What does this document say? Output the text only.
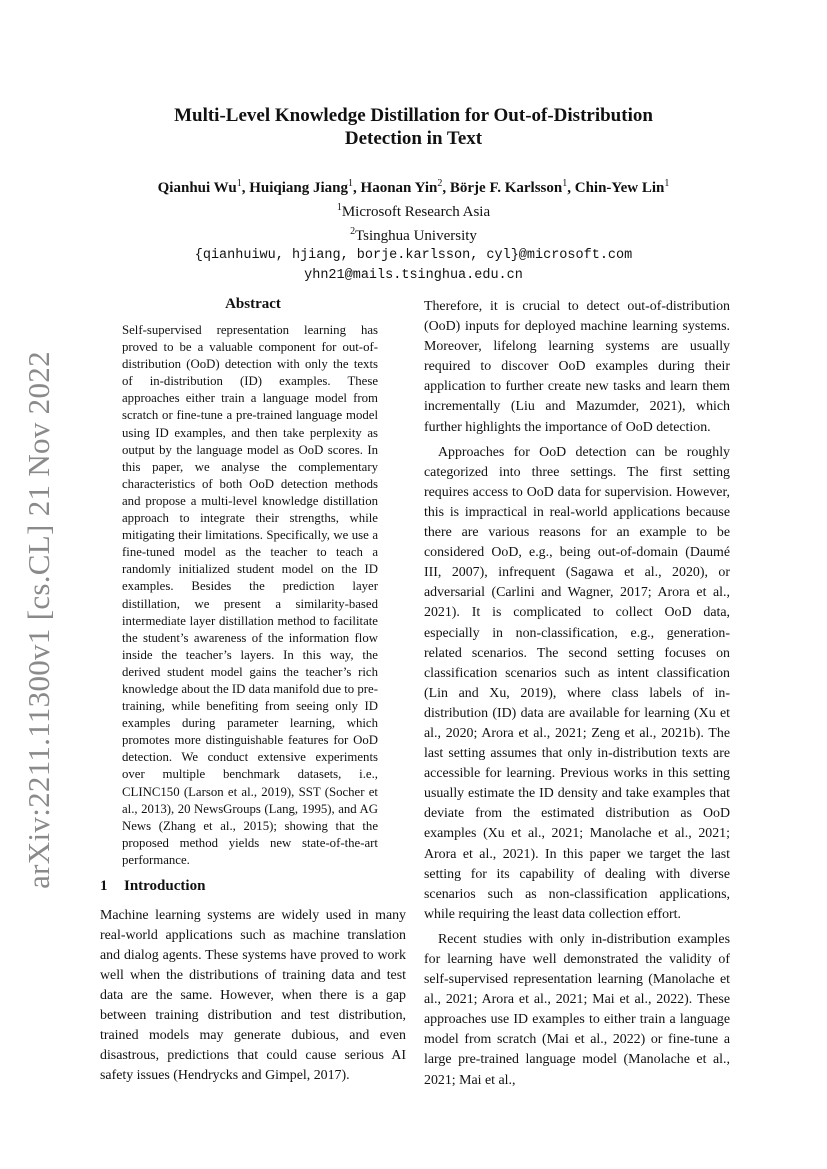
arXiv:2211.11300v1 [cs.CL] 21 Nov 2022
Multi-Level Knowledge Distillation for Out-of-Distribution
Detection in Text
Qianhui Wu$^1$, Huiqiang Jiang$^1$, Haonan Yin$^2$, Börje F. Karlsson$^1$, Chin-Yew Lin$^1$
$^1$Microsoft Research Asia
$^2$Tsinghua University
{qianhuiwu, hjiang, borje.karlsson, cyl}@microsoft.com
yhn21@mails.tsinghua.edu.cn
Abstract
Self-supervised representation learning has proved to be a valuable component for out-of-distribution (OoD) detection with only the texts of in-distribution (ID) examples. These approaches either train a language model from scratch or fine-tune a pre-trained language model using ID examples, and then take perplexity as output by the language model as OoD scores. In this paper, we analyse the complementary characteristics of both OoD detection methods and propose a multi-level knowledge distillation approach to integrate their strengths, while mitigating their limitations. Specifically, we use a fine-tuned model as the teacher to teach a randomly initialized student model on the ID examples. Besides the prediction layer distillation, we present a similarity-based intermediate layer distillation method to facilitate the student’s awareness of the information flow inside the teacher’s layers. In this way, the derived student model gains the teacher’s rich knowledge about the ID data manifold due to pre-training, while benefiting from seeing only ID examples during parameter learning, which promotes more distinguishable features for OoD detection. We conduct extensive experiments over multiple benchmark datasets, i.e., CLINC150 (Larson et al., 2019), SST (Socher et al., 2013), 20 NewsGroups (Lang, 1995), and AG News (Zhang et al., 2015); showing that the proposed method yields new state-of-the-art performance.
1 Introduction

Machine learning systems are widely used in many real-world applications such as machine translation and dialog agents. These systems have proved to work well when the distributions of training data and test data are the same. However, when there is a gap between training distribution and test distribution, trained models may generate dubious, and even disastrous, predictions that could cause serious AI safety issues (Hendrycks and Gimpel, 2017).

Therefore, it is crucial to detect out-of-distribution (OoD) inputs for deployed machine learning systems. Moreover, lifelong learning systems are usually required to discover OoD examples during their application to further create new tasks and learn them incrementally (Liu and Mazumder, 2021), which further highlights the importance of OoD detection.

Approaches for OoD detection can be roughly categorized into three settings. The first setting requires access to OoD data for supervision. However, this is impractical in real-world applications because there are various reasons for an example to be considered OoD, e.g., being out-of-domain (Daumé III, 2007), infrequent (Sagawa et al., 2020), or adversarial (Carlini and Wagner, 2017; Arora et al., 2021). It is complicated to collect OoD data, especially in non-classification, e.g., generation-related scenarios. The second setting focuses on classification scenarios such as intent classification (Lin and Xu, 2019), where class labels of in-distribution (ID) data are available for learning (Xu et al., 2020; Arora et al., 2021; Zeng et al., 2021b). The last setting assumes that only in-distribution texts are accessible for learning. Previous works in this setting usually estimate the ID density and take examples that deviate from the estimated distribution as OoD examples (Xu et al., 2021; Manolache et al., 2021; Arora et al., 2021). In this paper we target the last setting for its capability of dealing with diverse scenarios such as non-classification applications, while requiring the least data collection effort.

Recent studies with only in-distribution examples for learning have well demonstrated the validity of self-supervised representation learning (Manolache et al., 2021; Arora et al., 2021; Mai et al., 2022). These approaches use ID examples to either train a language model from scratch (Mai et al., 2022) or fine-tune a large pre-trained language model (Manolache et al., 2021; Mai et al.,
